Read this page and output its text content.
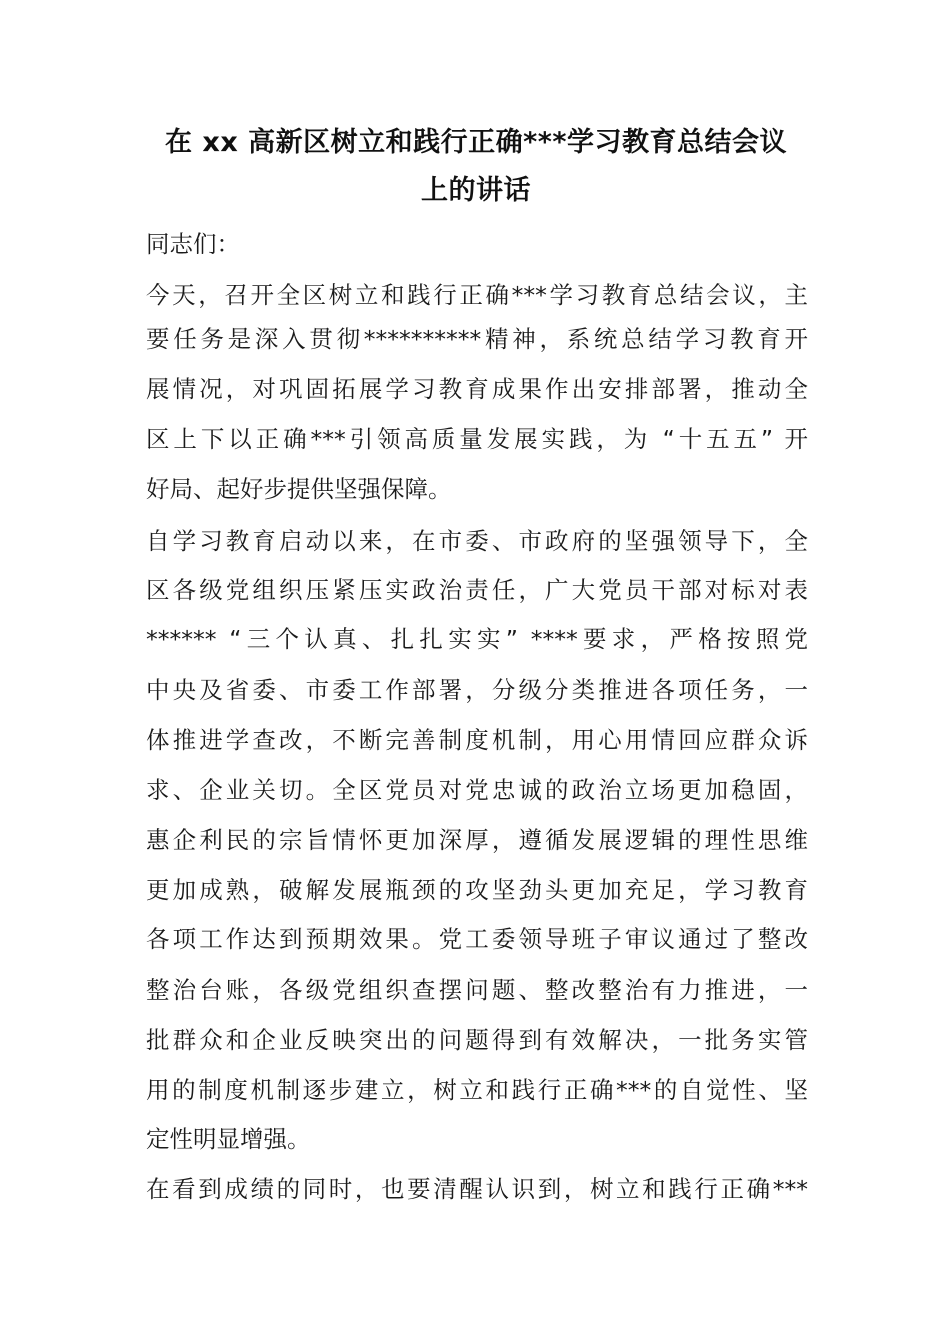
在 xx 高新区树立和践行正确***学习教育总结会议
上的讲话
同志们：
今天，召开全区树立和践行正确***学习教育总结会议，主
要任务是深入贯彻**********精神，系统总结学习教育开
展情况，对巩固拓展学习教育成果作出安排部署，推动全
区上下以正确***引领高质量发展实践，为 “十五五” 开
好局、起好步提供坚强保障。
自学习教育启动以来，在市委、市政府的坚强领导下，全
区各级党组织压紧压实政治责任，广大党员干部对标对表
****** “三个认真、扎扎实实” ****要求，严格按照党
中央及省委、市委工作部署，分级分类推进各项任务，一
体推进学查改，不断完善制度机制，用心用情回应群众诉
求、企业关切。全区党员对党忠诚的政治立场更加稳固，
惠企利民的宗旨情怀更加深厚，遵循发展逻辑的理性思维
更加成熟，破解发展瓶颈的攻坚劲头更加充足，学习教育
各项工作达到预期效果。党工委领导班子审议通过了整改
整治台账，各级党组织查摆问题、整改整治有力推进，一
批群众和企业反映突出的问题得到有效解决，一批务实管
用的制度机制逐步建立，树立和践行正确***的自觉性、坚
定性明显增强。
在看到成绩的同时，也要清醒认识到，树立和践行正确***
